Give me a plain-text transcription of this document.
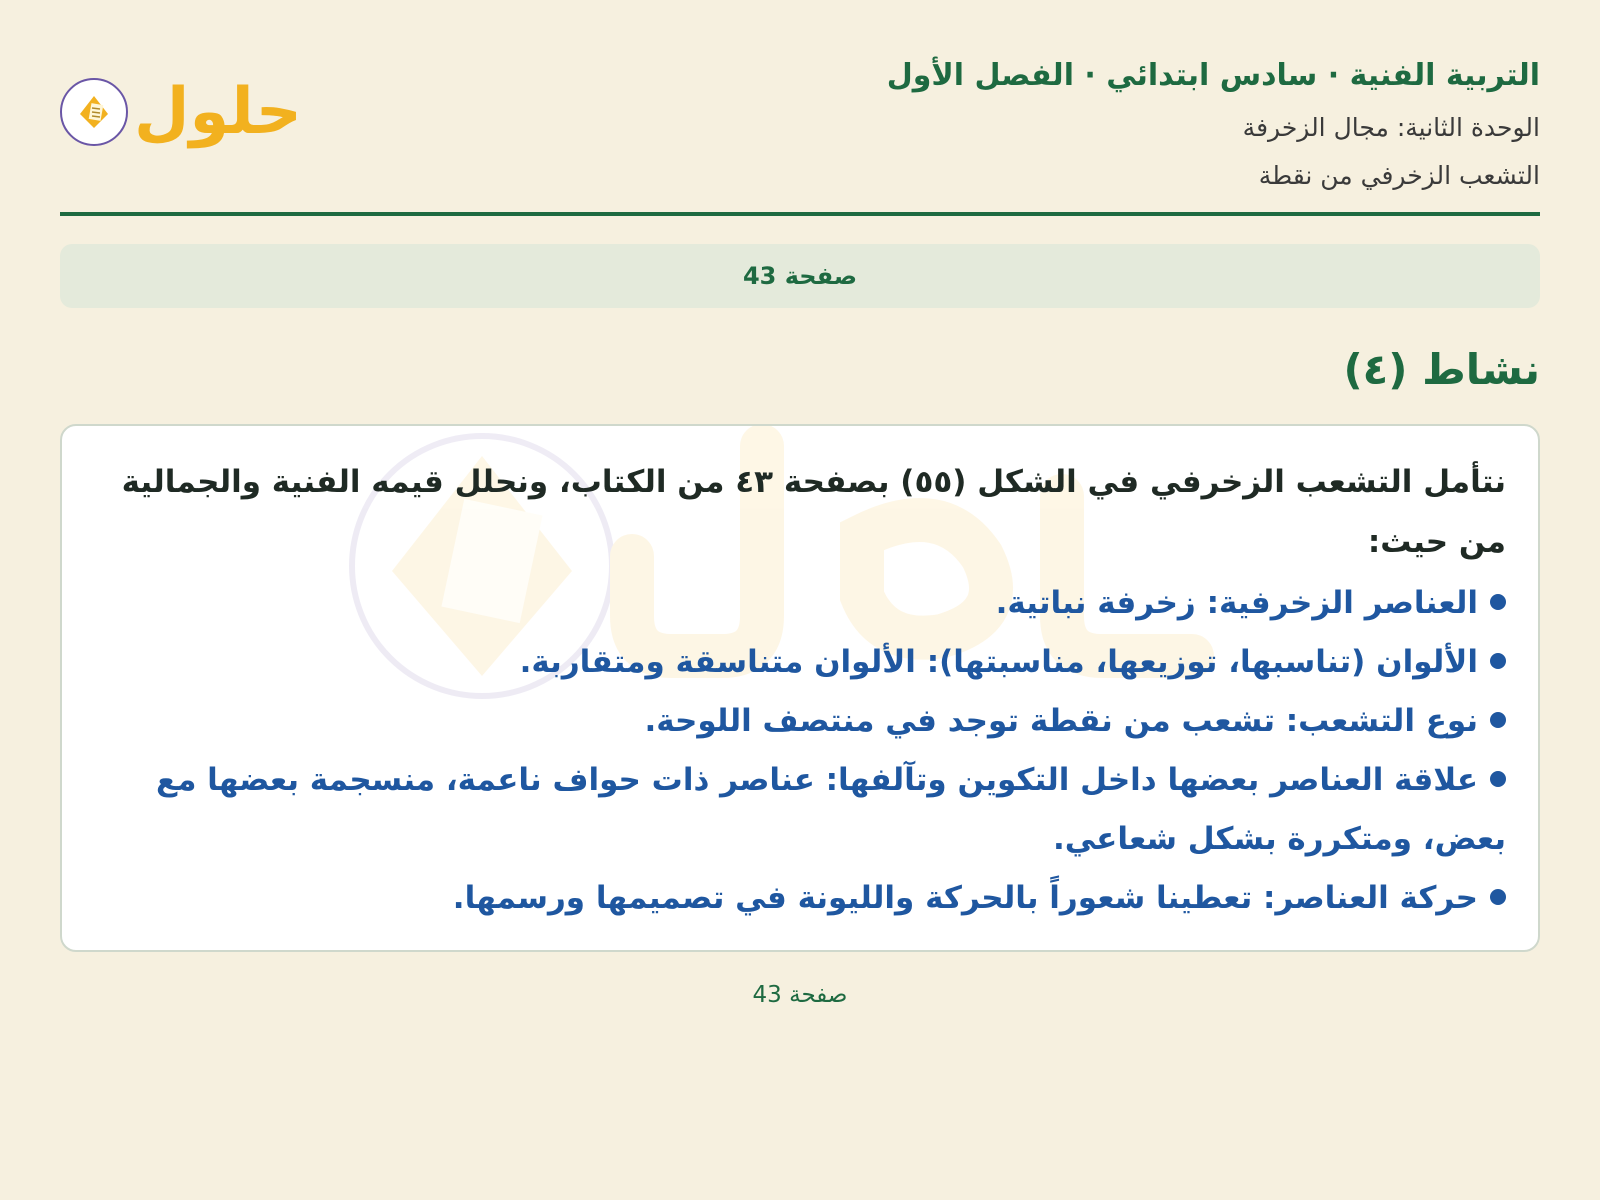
التربية الفنية · سادس ابتدائي · الفصل الأول
الوحدة الثانية: مجال الزخرفة
التشعب الزخرفي من نقطة
حلول
صفحة 43
نشاط (٤)

نتأمل التشعب الزخرفي في الشكل (٥٥) بصفحة ٤٣ من الكتاب، ونحلل قيمه الفنية والجمالية من حيث:

العناصر الزخرفية: زخرفة نباتية.
الألوان (تناسبها، توزيعها، مناسبتها): الألوان متناسقة ومتقاربة.
نوع التشعب: تشعب من نقطة توجد في منتصف اللوحة.
علاقة العناصر بعضها داخل التكوين وتآلفها: عناصر ذات حواف ناعمة، منسجمة بعضها مع بعض، ومتكررة بشكل شعاعي.
حركة العناصر: تعطينا شعوراً بالحركة والليونة في تصميمها ورسمها.
صفحة 43
